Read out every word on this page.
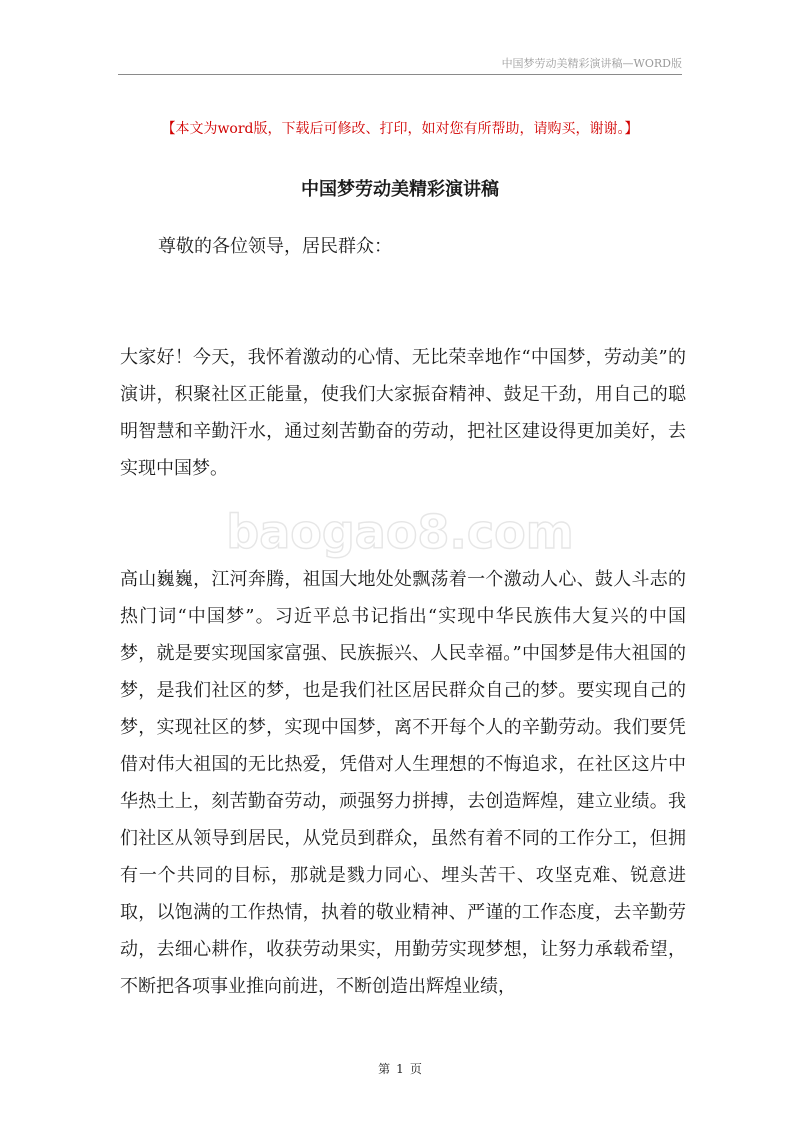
中国梦劳动美精彩演讲稿—WORD版
【本文为word版，下载后可修改、打印，如对您有所帮助，请购买，谢谢。】
中国梦劳动美精彩演讲稿

尊敬的各位领导，居民群众：

大家好！今天，我怀着激动的心情、无比荣幸地作“中国梦，劳动美”的演讲，积聚社区正能量，使我们大家振奋精神、鼓足干劲，用自己的聪明智慧和辛勤汗水，通过刻苦勤奋的劳动，把社区建设得更加美好，去实现中国梦。

高山巍巍，江河奔腾，祖国大地处处飘荡着一个激动人心、鼓人斗志的热门词“中国梦”。习近平总书记指出“实现中华民族伟大复兴的中国梦，就是要实现国家富强、民族振兴、人民幸福。”中国梦是伟大祖国的梦，是我们社区的梦，也是我们社区居民群众自己的梦。要实现自己的梦，实现社区的梦，实现中国梦，离不开每个人的辛勤劳动。我们要凭借对伟大祖国的无比热爱，凭借对人生理想的不悔追求，在社区这片中华热土上，刻苦勤奋劳动，顽强努力拼搏，去创造辉煌，建立业绩。我们社区从领导到居民，从党员到群众，虽然有着不同的工作分工，但拥有一个共同的目标，那就是戮力同心、埋头苦干、攻坚克难、锐意进取，以饱满的工作热情，执着的敬业精神、严谨的工作态度，去辛勤劳动，去细心耕作，收获劳动果实，用勤劳实现梦想，让努力承载希望，不断把各项事业推向前进，不断创造出辉煌业绩，

baogao8.com
第 1 页
